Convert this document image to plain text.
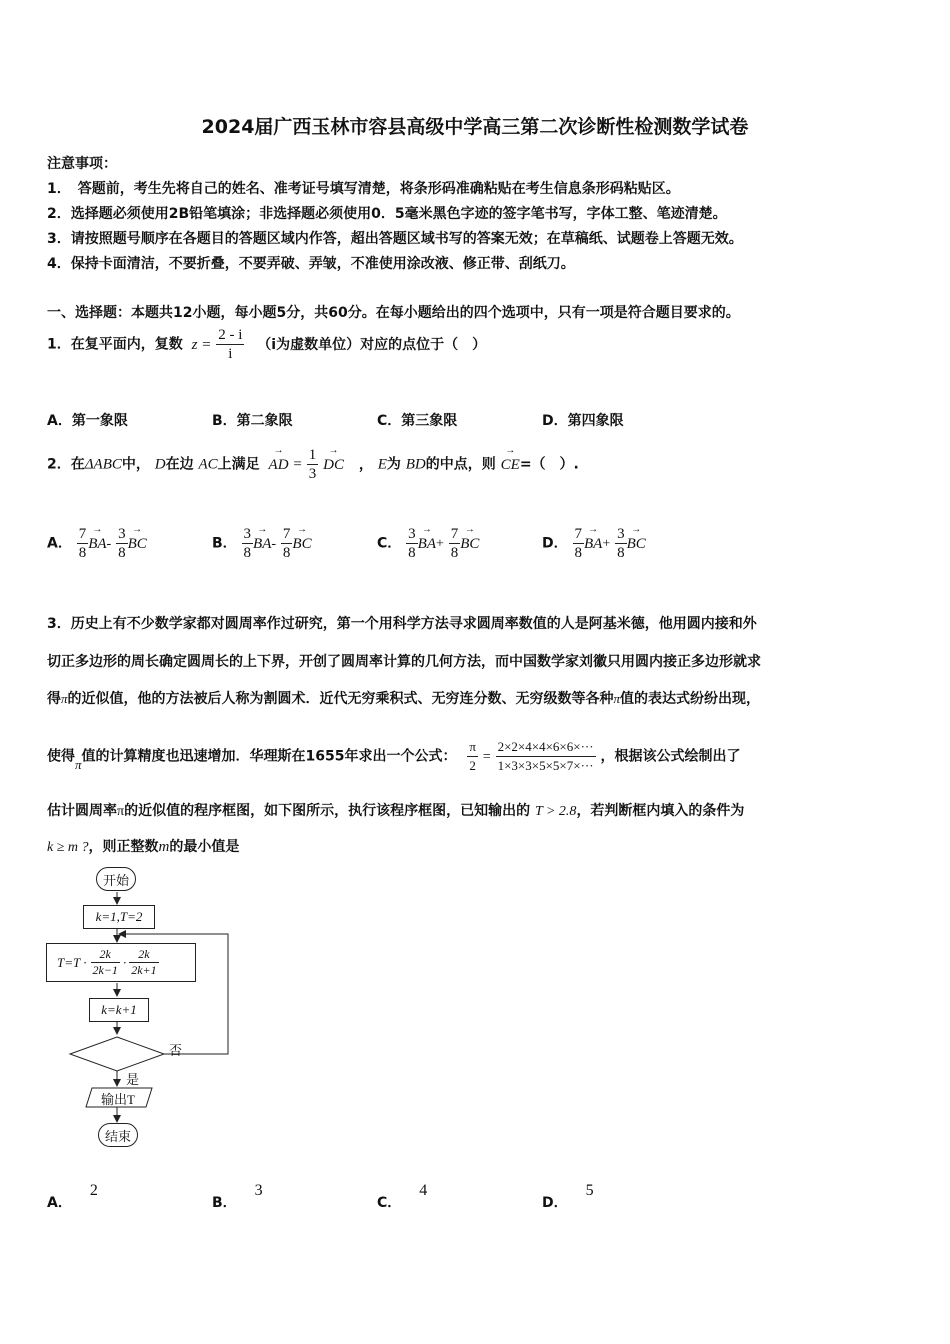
2024届广西玉林市容县高级中学高三第二次诊断性检测数学试卷
注意事项：
1．　答题前，考生先将自己的姓名、准考证号填写清楚，将条形码准确粘贴在考生信息条形码粘贴区。
2．选择题必须使用2B铅笔填涂；非选择题必须使用0．5毫米黑色字迹的签字笔书写，字体工整、笔迹清楚。
3．请按照题号顺序在各题目的答题区域内作答，超出答题区域书写的答案无效；在草稿纸、试题卷上答题无效。
4．保持卡面清洁，不要折叠，不要弄破、弄皱，不准使用涂改液、修正带、刮纸刀。
一、选择题：本题共12小题，每小题5分，共60分。在每小题给出的四个选项中，只有一项是符合题目要求的。
1．在复平面内，复数 $z = \frac{2 - i}{i} (i$为虚数单位）对应的点位于（　）
A．第一象限	B．第二象限	C．第三象限	D．第四象限
2．在ΔABC中， D在边 AC上满足 → AD = $\frac{1}{3}$
→ DC ， E为 BD的中点，则 → CE=（　）.
A． $\frac{7}{8}$
→ $BA- \frac{3}{8}$
→ BC	B． $\frac{3}{8}$
→ $BA- \frac{7}{8}$
→ BC	C． $\frac{3}{8}$
→ $BA+ \frac{7}{8}$
→ BC	D． $\frac{7}{8}$
→ $BA+ \frac{3}{8}$
→ BC
3．历史上有不少数学家都对圆周率作过研究，第一个用科学方法寻求圆周率数值的人是阿基米德，他用圆内接和外
切正多边形的周长确定圆周长的上下界，开创了圆周率计算的几何方法，而中国数学家刘徽只用圆内接正多边形就求
得π的近似值，他的方法被后人称为割圆术．近代无穷乘积式、无穷连分数、无穷级数等各种π值的表达式纷纷出现，
使得π值的计算精度也迅速增加．华理斯在1655年求出一个公式： $\frac{\pi}{2} = \frac{2\times 2\times 4\times 4\times 6\times 6\times\cdot\cdot\cdot}{1\times 3\times 3\times 5\times 5\times 7\times\cdot\cdot\cdot}$ ，根据该公式绘制出了
估计圆周率π的近似值的程序框图，如下图所示，执行该程序框图，已知输出的 T > 2.8，若判断框内填入的条件为
k ≥ m ?，则正整数m的最小值是
开始
k=1,T=2
$T=T \cdot \frac{2k}{2k-1} \cdot \frac{2k}{2k+1}$
k=k+1
否
是
输出T
结束
A．2
B．3
C．4
D．5
